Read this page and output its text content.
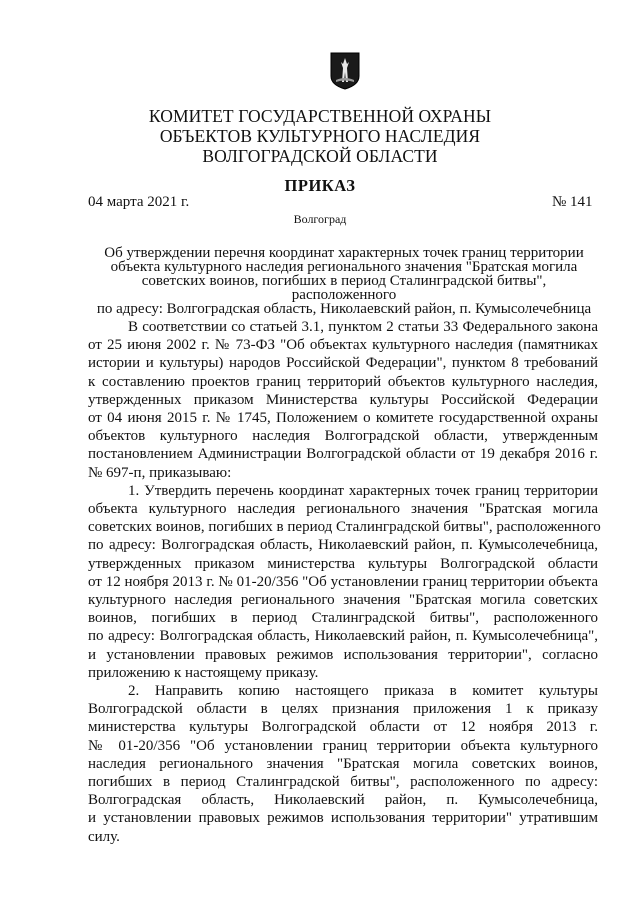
КОМИТЕТ ГОСУДАРСТВЕННОЙ ОХРАНЫ
ОБЪЕКТОВ КУЛЬТУРНОГО НАСЛЕДИЯ
ВОЛГОГРАДСКОЙ ОБЛАСТИ
ПРИКАЗ
04 марта 2021 г.	№ 141
Волгоград
Об утверждении перечня координат характерных точек границ территории
объекта культурного наследия регионального значения "Братская могила
советских воинов, погибших в период Сталинградской битвы", расположенного
по адресу: Волгоградская область, Николаевский район, п. Кумысолечебница
В соответствии со статьей 3.1, пунктом 2 статьи 33 Федерального закона
от 25 июня 2002 г. № 73-ФЗ "Об объектах культурного наследия (памятниках
истории и культуры) народов Российской Федерации", пунктом 8 требований
к составлению проектов границ территорий объектов культурного наследия,
утвержденных приказом Министерства культуры Российской Федерации
от 04 июня 2015 г. № 1745, Положением о комитете государственной охраны
объектов культурного наследия Волгоградской области, утвержденным
постановлением Администрации Волгоградской области от 19 декабря 2016 г.
№ 697-п, приказываю:
1. Утвердить перечень координат характерных точек границ территории
объекта культурного наследия регионального значения "Братская могила
советских воинов, погибших в период Сталинградской битвы", расположенного
по адресу: Волгоградская область, Николаевский район, п. Кумысолечебница,
утвержденных приказом министерства культуры Волгоградской области
от 12 ноября 2013 г. № 01-20/356 "Об установлении границ территории объекта
культурного наследия регионального значения "Братская могила советских
воинов, погибших в период Сталинградской битвы", расположенного
по адресу: Волгоградская область, Николаевский район, п. Кумысолечебница",
и установлении правовых режимов использования территории", согласно
приложению к настоящему приказу.
2. Направить копию настоящего приказа в комитет культуры
Волгоградской области в целях признания приложения 1 к приказу
министерства культуры Волгоградской области от 12 ноября 2013 г.
№ 01-20/356 "Об установлении границ территории объекта культурного
наследия регионального значения "Братская могила советских воинов,
погибших в период Сталинградской битвы", расположенного по адресу:
Волгоградская область, Николаевский район, п. Кумысолечебница,
и установлении правовых режимов использования территории" утратившим
силу.
